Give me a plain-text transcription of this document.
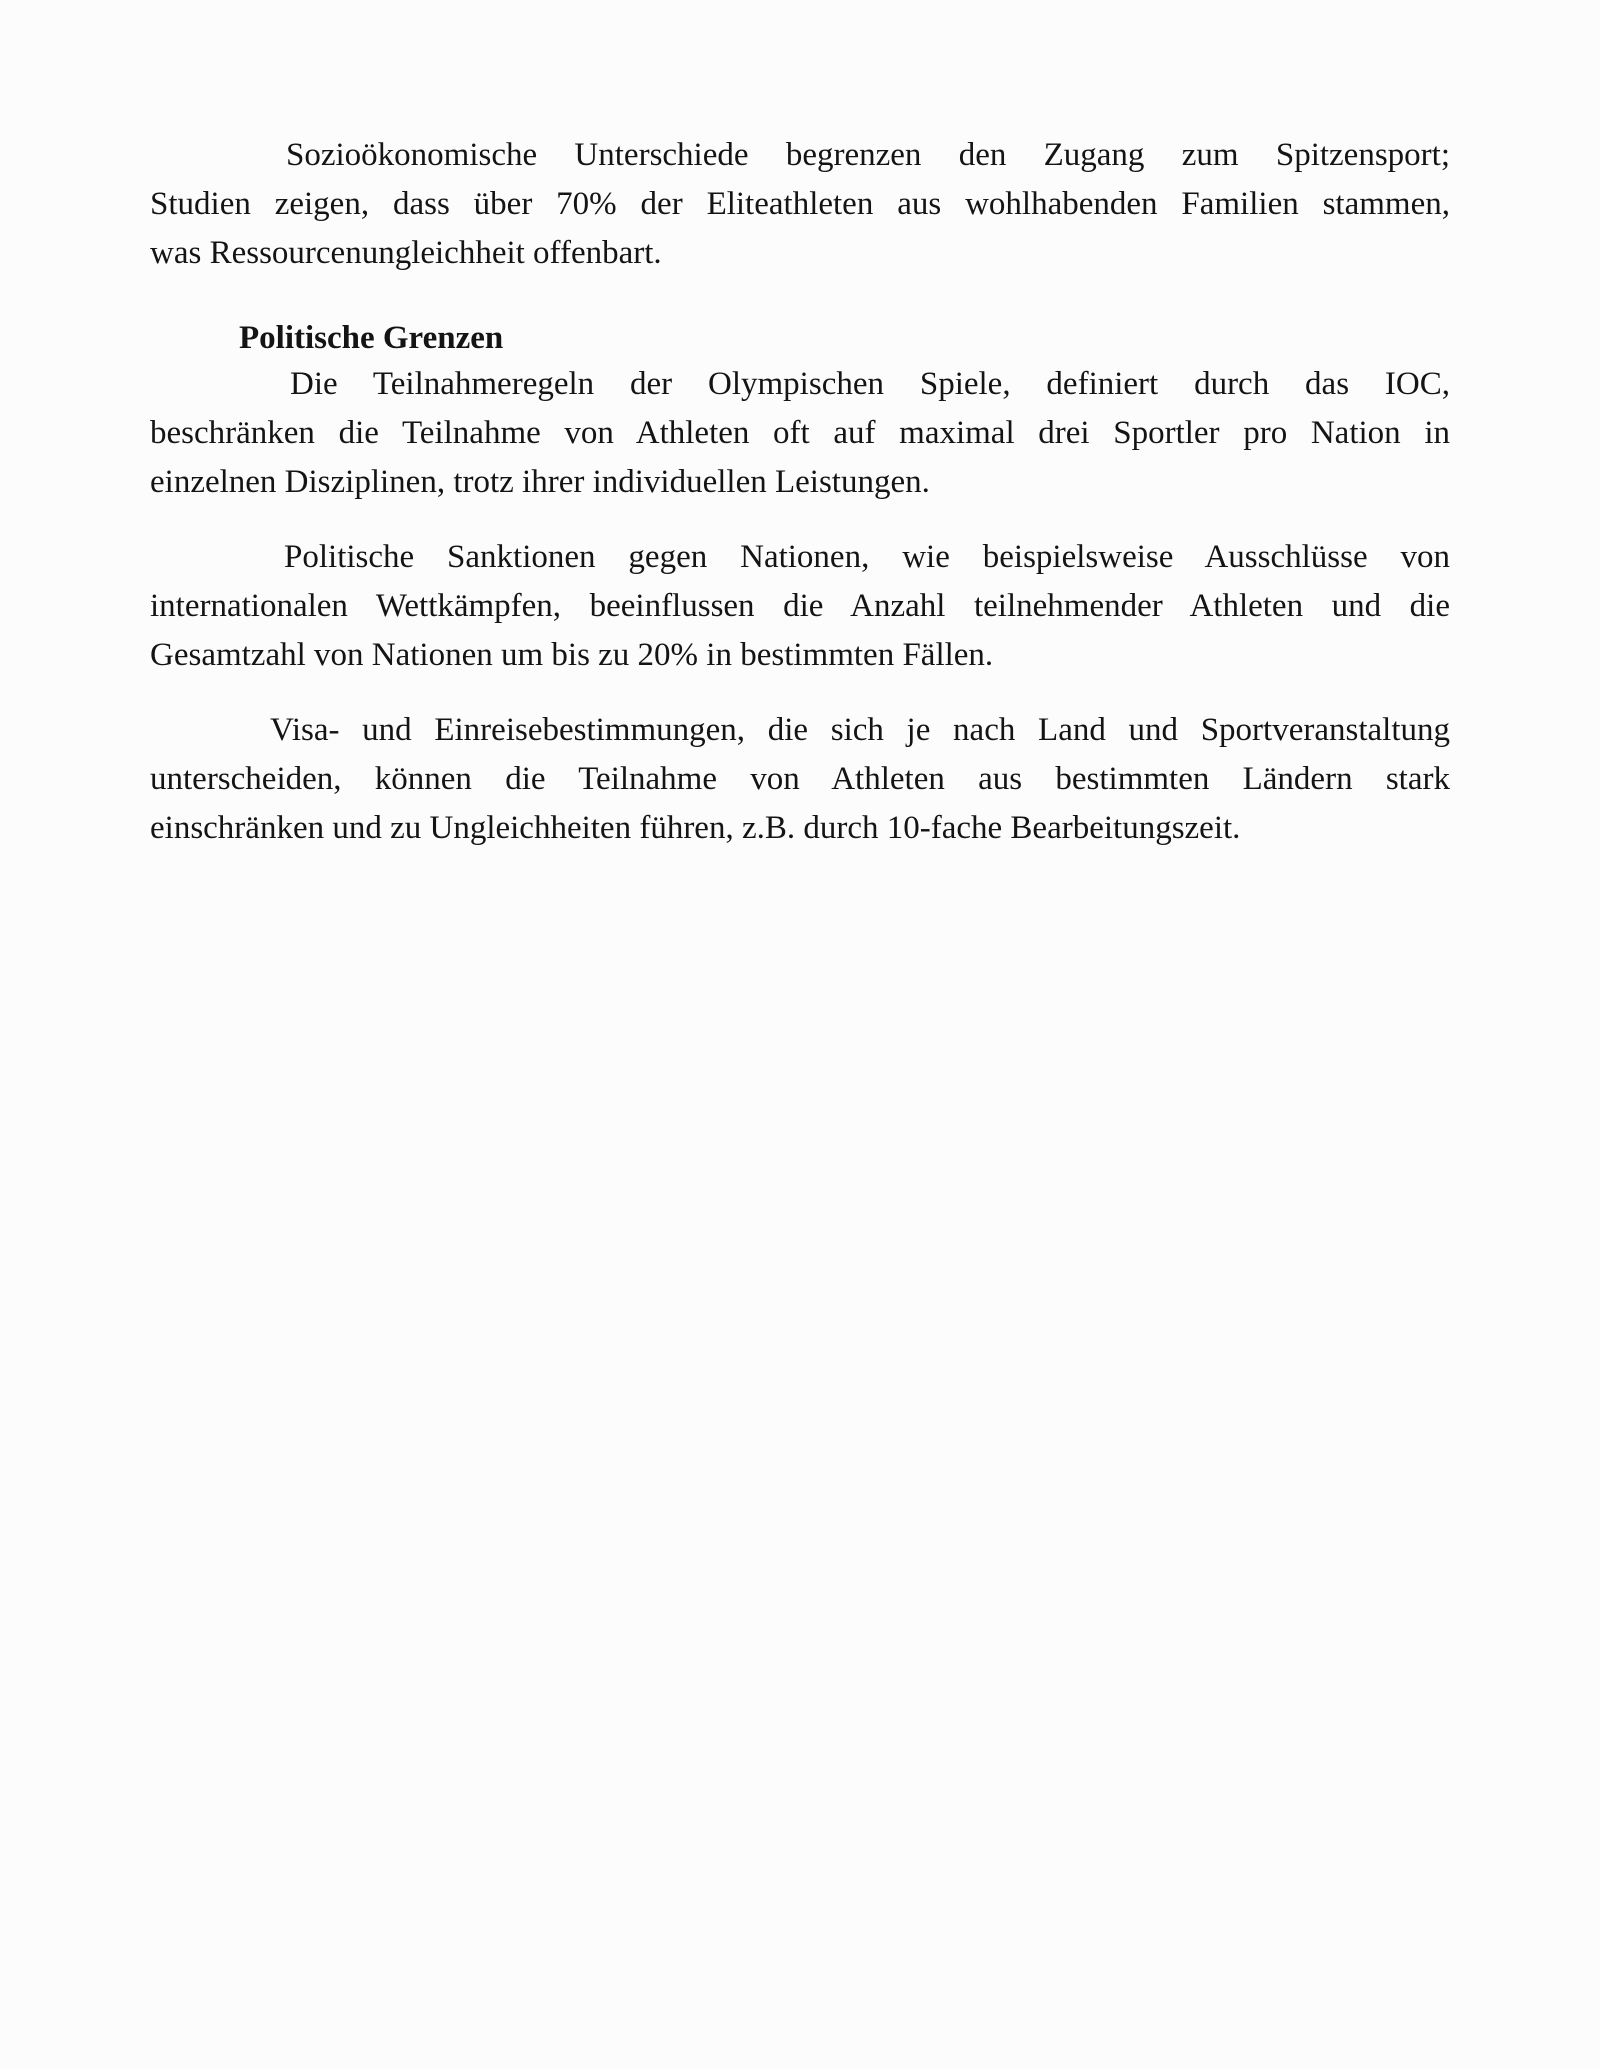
Sozioökonomische Unterschiede begrenzen den Zugang zum Spitzensport;
Studien zeigen, dass über 70% der Eliteathleten aus wohlhabenden Familien stammen,
was Ressourcenungleichheit offenbart.
Politische Grenzen
Die Teilnahmeregeln der Olympischen Spiele, definiert durch das IOC,
beschränken die Teilnahme von Athleten oft auf maximal drei Sportler pro Nation in
einzelnen Disziplinen, trotz ihrer individuellen Leistungen.
Politische Sanktionen gegen Nationen, wie beispielsweise Ausschlüsse von
internationalen Wettkämpfen, beeinflussen die Anzahl teilnehmender Athleten und die
Gesamtzahl von Nationen um bis zu 20% in bestimmten Fällen.
Visa- und Einreisebestimmungen, die sich je nach Land und Sportveranstaltung
unterscheiden, können die Teilnahme von Athleten aus bestimmten Ländern stark
einschränken und zu Ungleichheiten führen, z.B. durch 10-fache Bearbeitungszeit.
